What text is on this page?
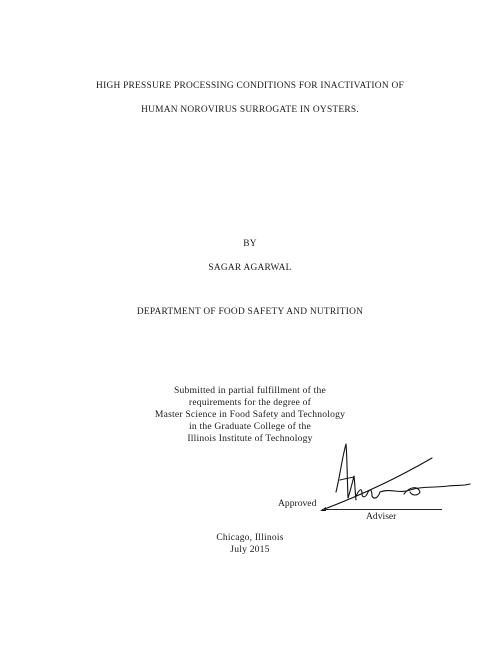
HIGH PRESSURE PROCESSING CONDITIONS FOR INACTIVATION OF
HUMAN NOROVIRUS SURROGATE IN OYSTERS.
BY
SAGAR AGARWAL
DEPARTMENT OF FOOD SAFETY AND NUTRITION
Submitted in partial fulfillment of the
requirements for the degree of
Master Science in Food Safety and Technology
in the Graduate College of the
Illinois Institute of Technology
Approved
Adviser
Chicago, Illinois
July 2015
